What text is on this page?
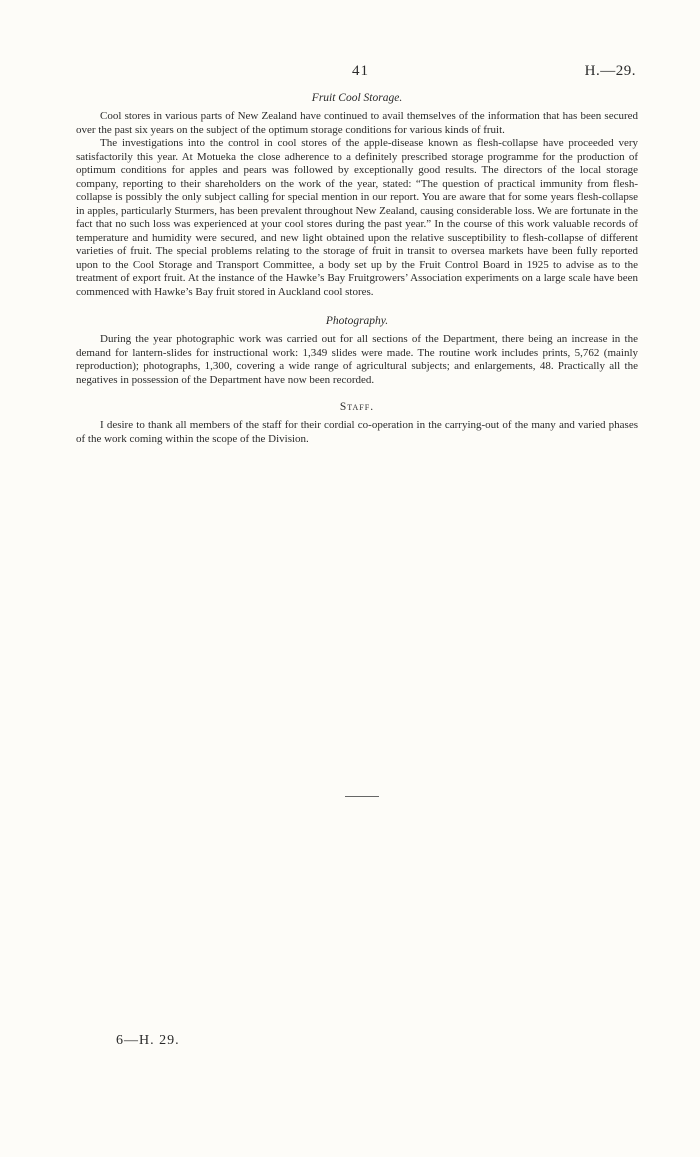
41	H.—29.

Fruit Cool Storage.

Cool stores in various parts of New Zealand have continued to avail themselves of the information that has been secured over the past six years on the subject of the optimum storage conditions for various kinds of fruit.

The investigations into the control in cool stores of the apple-disease known as flesh-collapse have proceeded very satisfactorily this year. At Motueka the close adherence to a definitely prescribed storage programme for the production of optimum conditions for apples and pears was followed by exceptionally good results. The directors of the local storage company, reporting to their shareholders on the work of the year, stated: “The question of practical immunity from flesh-collapse is possibly the only subject calling for special mention in our report. You are aware that for some years flesh-collapse in apples, particularly Sturmers, has been prevalent throughout New Zealand, causing considerable loss. We are fortunate in the fact that no such loss was experienced at your cool stores during the past year.” In the course of this work valuable records of temperature and humidity were secured, and new light obtained upon the relative susceptibility to flesh-collapse of different varieties of fruit. The special problems relating to the storage of fruit in transit to oversea markets have been fully reported upon to the Cool Storage and Transport Committee, a body set up by the Fruit Control Board in 1925 to advise as to the treatment of export fruit. At the instance of the Hawke’s Bay Fruitgrowers’ Association experiments on a large scale have been commenced with Hawke’s Bay fruit stored in Auckland cool stores.

Photography.

During the year photographic work was carried out for all sections of the Department, there being an increase in the demand for lantern-slides for instructional work: 1,349 slides were made. The routine work includes prints, 5,762 (mainly reproduction); photographs, 1,300, covering a wide range of agricultural subjects; and enlargements, 48. Practically all the negatives in possession of the Department have now been recorded.

Staff.

I desire to thank all members of the staff for their cordial co-operation in the carrying-out of the many and varied phases of the work coming within the scope of the Division.

6—H. 29.
